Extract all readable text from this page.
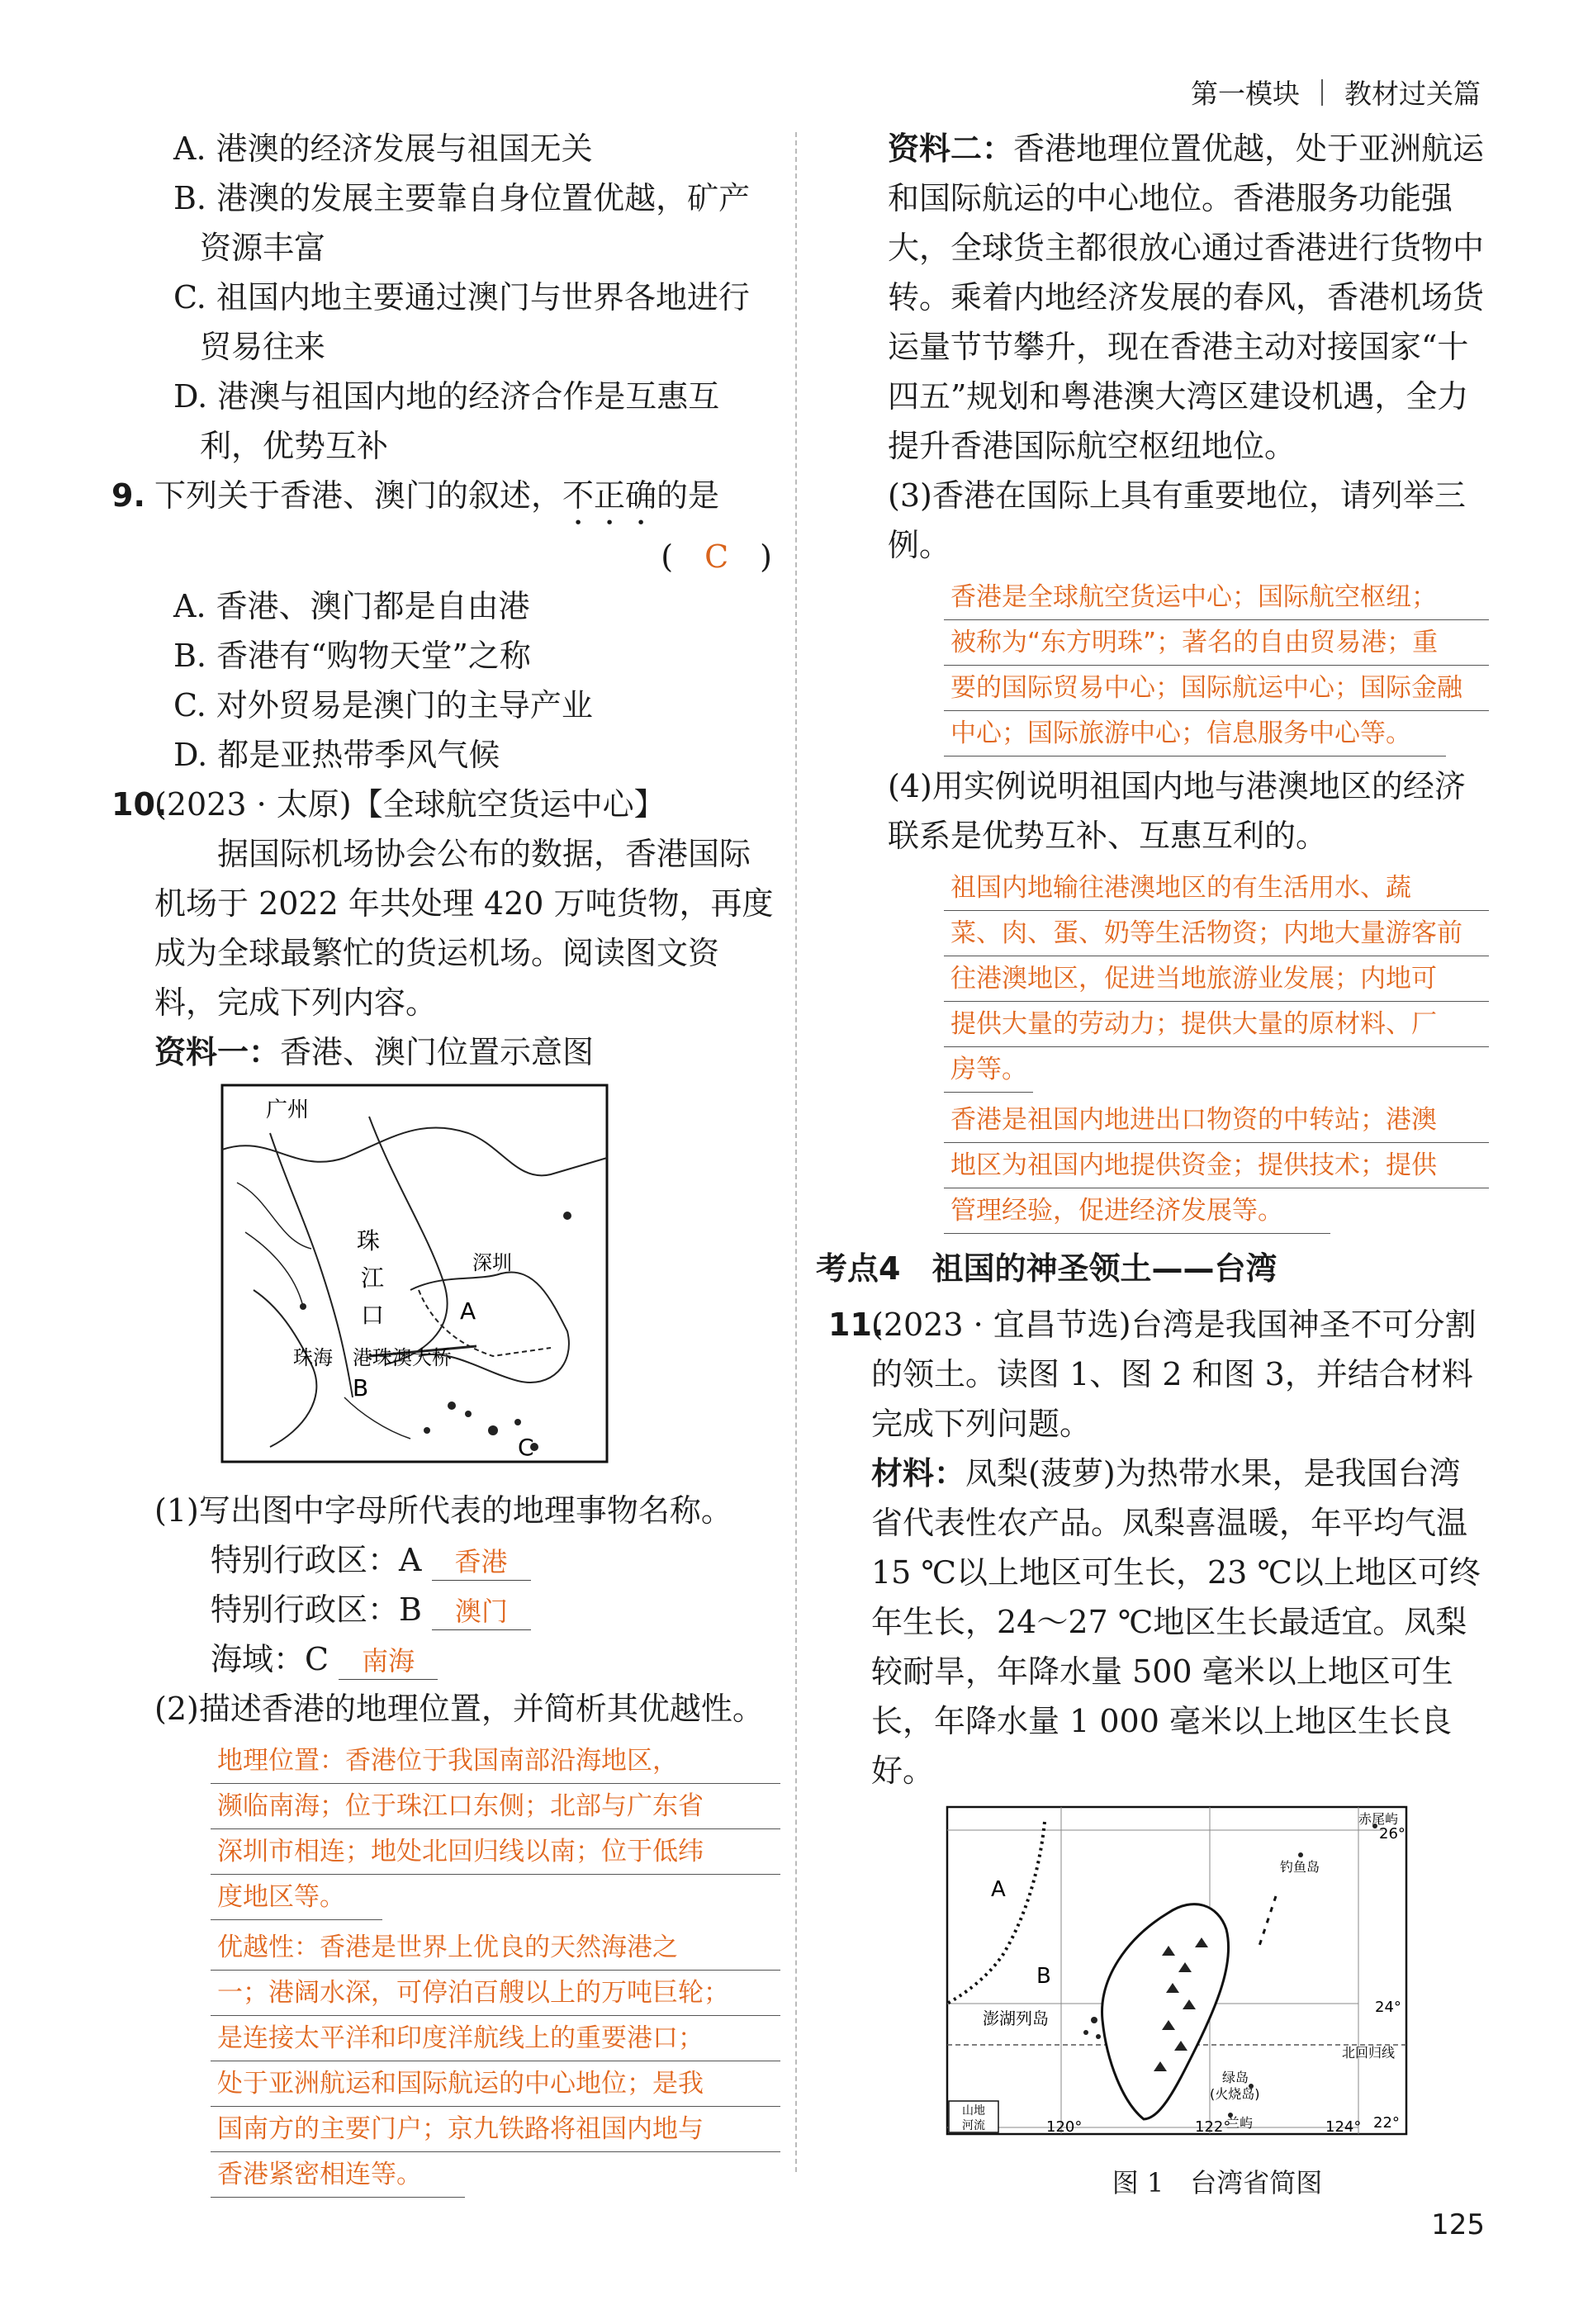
第一模块 教材过关篇

A. 港澳的经济发展与祖国无关

B. 港澳的发展主要靠自身位置优越，矿产资源丰富

C. 祖国内地主要通过澳门与世界各地进行贸易往来

D. 港澳与祖国内地的经济合作是互惠互利，优势互补

9. 下列关于香港、澳门的叙述，不正确的是

(　C　)

A. 香港、澳门都是自由港

B. 香港有“购物天堂”之称

C. 对外贸易是澳门的主导产业

D. 都是亚热带季风气候

10.(2023 · 太原)【全球航空货运中心】

据国际机场协会公布的数据，香港国际机场于 2022 年共处理 420 万吨货物，再度成为全球最繁忙的货运机场。阅读图文资料，完成下列内容。

资料一：香港、澳门位置示意图

广州
珠
江
口
深圳
A
B
C
珠海 港珠澳大桥

(1)写出图中字母所代表的地理事物名称。

特别行政区：A 香港

特别行政区：B 澳门

海域：C 南海

(2)描述香港的地理位置，并简析其优越性。

地理位置：香港位于我国南部沿海地区，
濒临南海；位于珠江口东侧；北部与广东省
深圳市相连；地处北回归线以南；位于低纬
度地区等。
优越性：香港是世界上优良的天然海港之
一；港阔水深，可停泊百艘以上的万吨巨轮；
是连接太平洋和印度洋航线上的重要港口；
处于亚洲航运和国际航运的中心地位；是我
国南方的主要门户；京九铁路将祖国内地与
香港紧密相连等。

资料二：香港地理位置优越，处于亚洲航运和国际航运的中心地位。香港服务功能强大，全球货主都很放心通过香港进行货物中转。乘着内地经济发展的春风，香港机场货运量节节攀升，现在香港主动对接国家“十四五”规划和粤港澳大湾区建设机遇，全力提升香港国际航空枢纽地位。

(3)香港在国际上具有重要地位，请列举三例。

香港是全球航空货运中心；国际航空枢纽；
被称为“东方明珠”；著名的自由贸易港；重
要的国际贸易中心；国际航运中心；国际金融
中心；国际旅游中心；信息服务中心等。

(4)用实例说明祖国内地与港澳地区的经济联系是优势互补、互惠互利的。

祖国内地输往港澳地区的有生活用水、蔬
菜、肉、蛋、奶等生活物资；内地大量游客前
往港澳地区，促进当地旅游业发展；内地可
提供大量的劳动力；提供大量的原材料、厂
房等。
香港是祖国内地进出口物资的中转站；港澳
地区为祖国内地提供资金；提供技术；提供
管理经验，促进经济发展等。

考点4　祖国的神圣领土——台湾

11.(2023 · 宜昌节选)台湾是我国神圣不可分割的领土。读图 1、图 2 和图 3，并结合材料完成下列问题。

材料：凤梨(菠萝)为热带水果，是我国台湾省代表性农产品。凤梨喜温暖，年平均气温 15 ℃以上地区可生长，23 ℃以上地区可终年生长，24～27 ℃地区生长最适宜。凤梨较耐旱，年降水量 500 毫米以上地区可生长，年降水量 1 000 毫米以上地区生长良好。

赤尾屿
钓鱼岛
A
B
澎湖列岛
绿岛
(火烧岛)
兰屿
北回归线
26°
24°
22°
120°	122°	124°
山地
河流
图 1　台湾省简图
125
